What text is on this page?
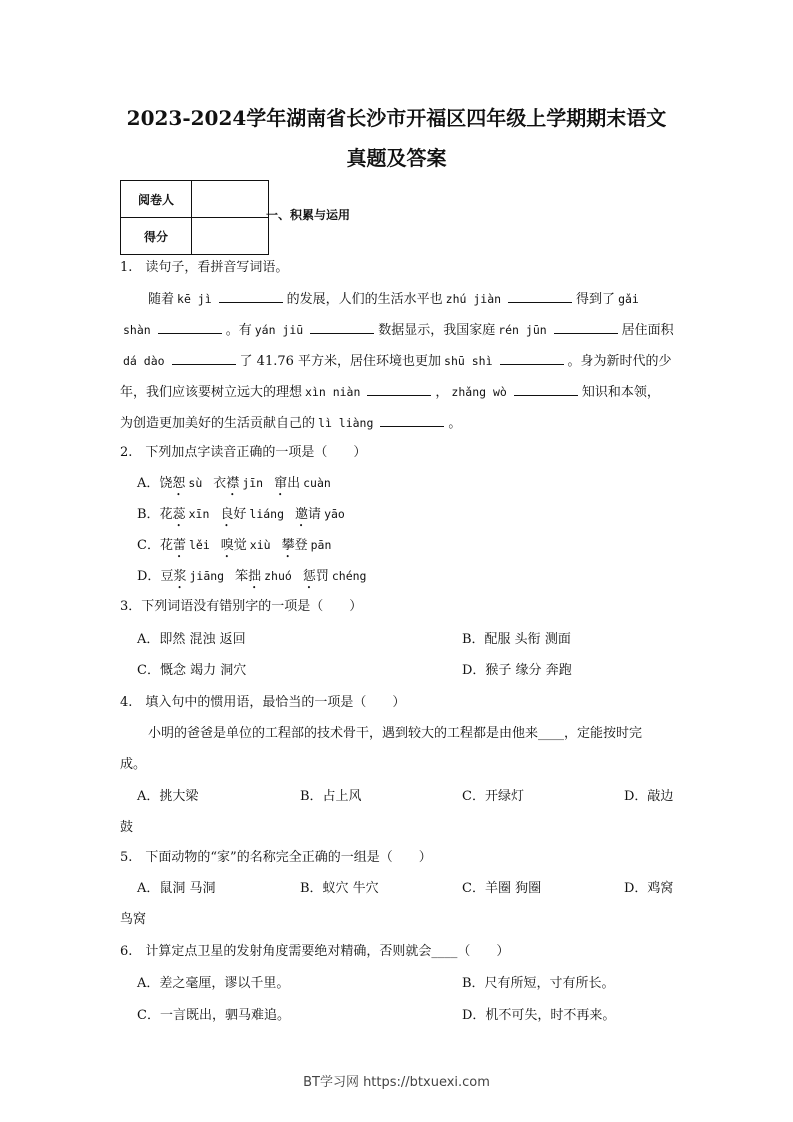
2023-2024学年湖南省长沙市开福区四年级上学期期末语文
真题及答案
阅卷人	
得分	
一、积累与运用
1.　读句子，看拼音写词语。
随着 kē jì	的发展，人们的生活水平也 zhú jiàn	得到了 gǎi
shàn	。有 yán jiū	数据显示，我国家庭 rén jūn	居住面积
dá dào	了 41.76 平方米，居住环境也更加 shū shì	。身为新时代的少
年，我们应该要树立远大的理想 xìn niàn	， zhǎng wò	知识和本领，
为创造更加美好的生活贡献自己的 lì liàng	。
2.　下列加点字读音正确的一项是（　　）
A．饶恕 sù 衣襟 jīn 窜出 cuàn
B．花蕊 xīn 良好 liáng 邀请 yāo
C．花蕾 lěi 嗅觉 xiù 攀登 pān
D．豆浆 jiāng 笨拙 zhuó 惩罚 chéng
3．下列词语没有错别字的一项是（　　）
A．即然 混浊 返回	B．配服 头衔 测面
C．慨念 竭力 洞穴	D．猴子 缘分 奔跑
4.　填入句中的惯用语，最恰当的一项是（　　）
小明的爸爸是单位的工程部的技术骨干，遇到较大的工程都是由他来____，定能按时完
成。
A．挑大梁	B．占上风	C．开绿灯	D．敲边
鼓
5.　下面动物的“家”的名称完全正确的一组是（　　）
A．鼠洞 马洞	B．蚁穴 牛穴	C．羊圈 狗圈	D．鸡窝
鸟窝
6.　计算定点卫星的发射角度需要绝对精确，否则就会____（　　）
A．差之毫厘，谬以千里。	B．尺有所短，寸有所长。
C．一言既出，驷马难追。	D．机不可失，时不再来。
BT学习网 https://btxuexi.com
